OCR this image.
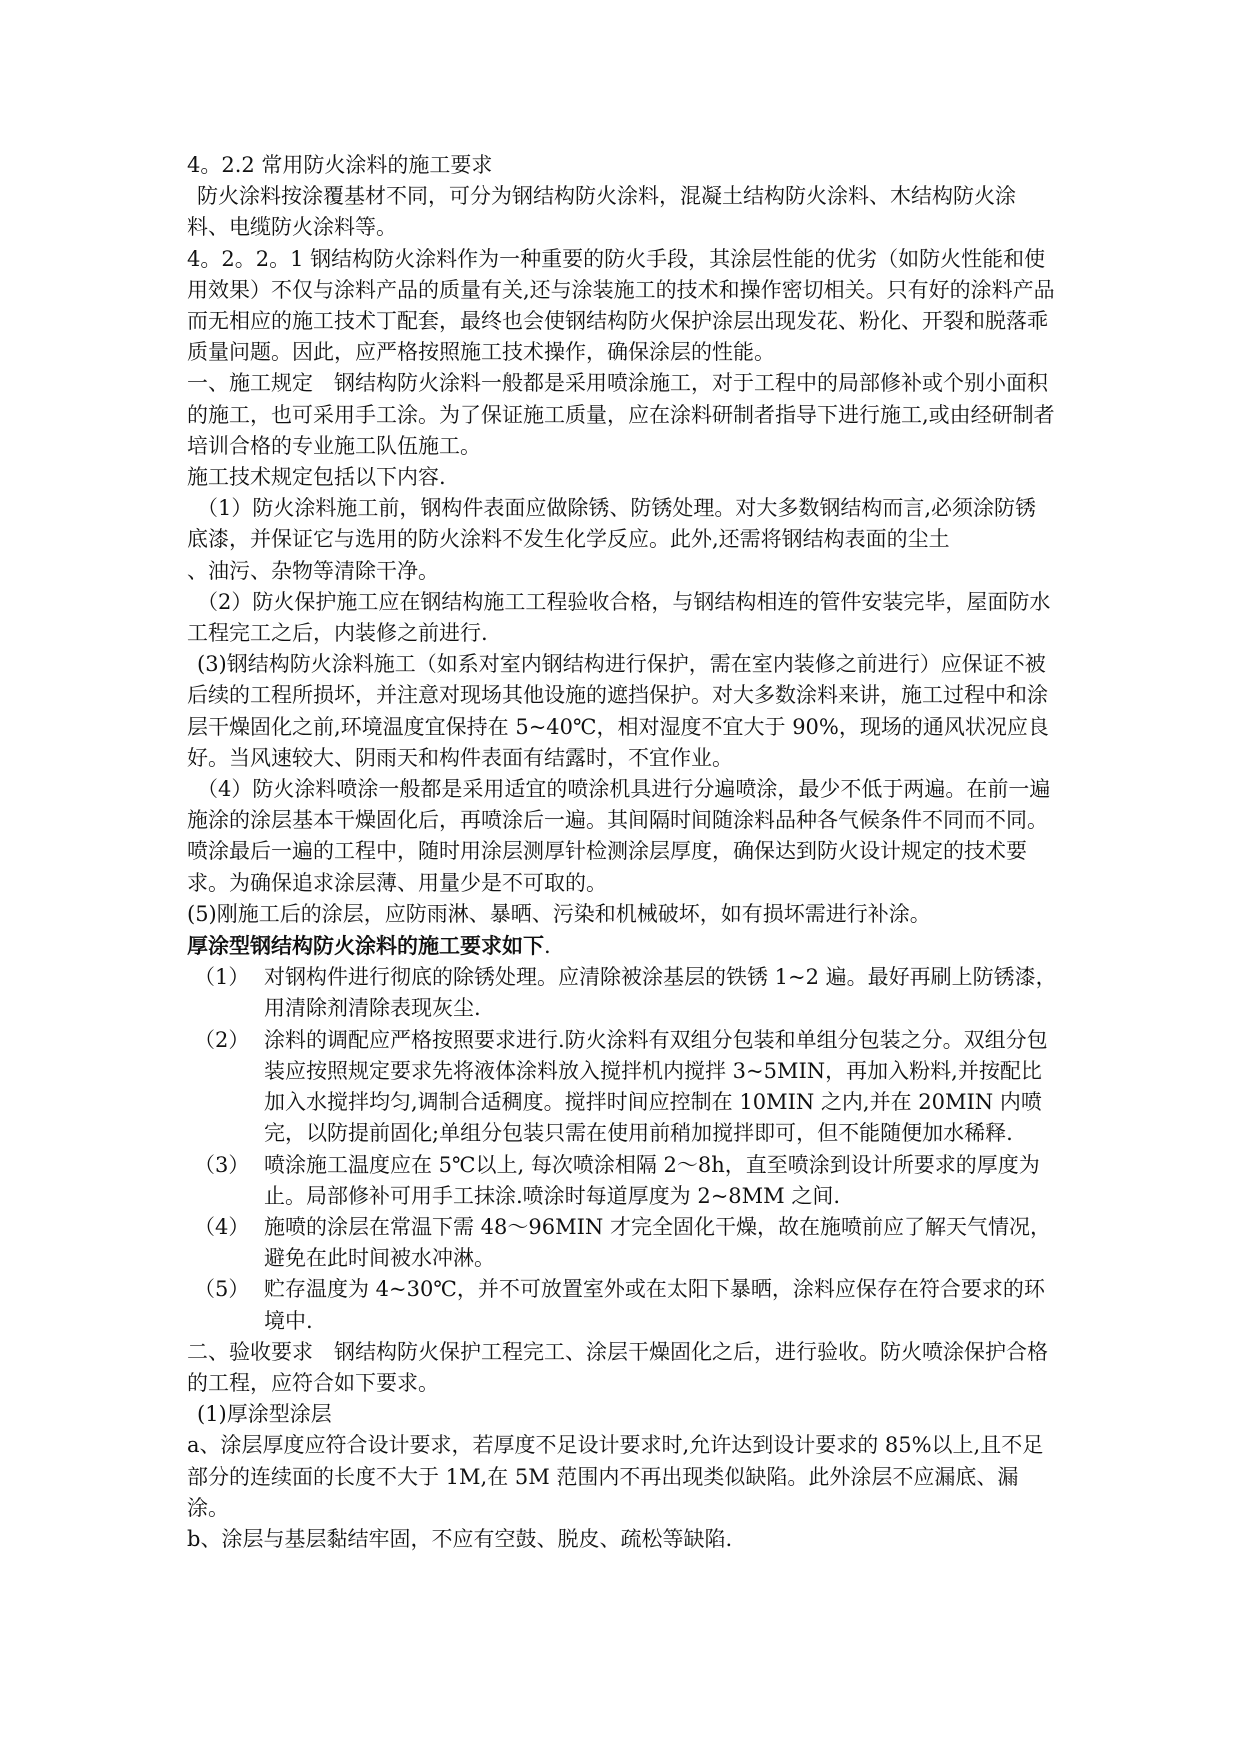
4。2.2 常用防火涂料的施工要求

防火涂料按涂覆基材不同，可分为钢结构防火涂料，混凝土结构防火涂料、木结构防火涂料、电缆防火涂料等。

4。2。2。1 钢结构防火涂料作为一种重要的防火手段，其涂层性能的优劣（如防火性能和使用效果）不仅与涂料产品的质量有关,还与涂装施工的技术和操作密切相关。只有好的涂料产品而无相应的施工技术丁配套，最终也会使钢结构防火保护涂层出现发花、粉化、开裂和脱落乖质量问题。因此，应严格按照施工技术操作，确保涂层的性能。

一、施工规定　钢结构防火涂料一般都是采用喷涂施工，对于工程中的局部修补或个别小面积的施工，也可采用手工涂。为了保证施工质量，应在涂料研制者指导下进行施工,或由经研制者培训合格的专业施工队伍施工。

施工技术规定包括以下内容.

（1）防火涂料施工前，钢构件表面应做除锈、防锈处理。对大多数钢结构而言,必须涂防锈底漆，并保证它与选用的防火涂料不发生化学反应。此外,还需将钢结构表面的尘土

、油污、杂物等清除干净。

（2）防火保护施工应在钢结构施工工程验收合格，与钢结构相连的管件安装完毕，屋面防水工程完工之后，内装修之前进行.

(3)钢结构防火涂料施工（如系对室内钢结构进行保护，需在室内装修之前进行）应保证不被后续的工程所损坏，并注意对现场其他设施的遮挡保护。对大多数涂料来讲，施工过程中和涂层干燥固化之前,环境温度宜保持在 5~40℃，相对湿度不宜大于 90%，现场的通风状况应良好。当风速较大、阴雨天和构件表面有结露时，不宜作业。

（4）防火涂料喷涂一般都是采用适宜的喷涂机具进行分遍喷涂，最少不低于两遍。在前一遍施涂的涂层基本干燥固化后，再喷涂后一遍。其间隔时间随涂料品种各气候条件不同而不同。喷涂最后一遍的工程中，随时用涂层测厚针检测涂层厚度，确保达到防火设计规定的技术要求。为确保追求涂层薄、用量少是不可取的。

(5)刚施工后的涂层，应防雨淋、暴晒、污染和机械破坏，如有损坏需进行补涂。

厚涂型钢结构防火涂料的施工要求如下.

（1） 对钢构件进行彻底的除锈处理。应清除被涂基层的铁锈 1~2 遍。最好再刷上防锈漆，用清除剂清除表现灰尘.
（2） 涂料的调配应严格按照要求进行.防火涂料有双组分包装和单组分包装之分。双组分包装应按照规定要求先将液体涂料放入搅拌机内搅拌 3~5MIN，再加入粉料,并按配比加入水搅拌均匀,调制合适稠度。搅拌时间应控制在 10MIN 之内,并在 20MIN 内喷完，以防提前固化;单组分包装只需在使用前稍加搅拌即可，但不能随便加水稀释.
（3） 喷涂施工温度应在 5℃以上, 每次喷涂相隔 2～8h，直至喷涂到设计所要求的厚度为止。局部修补可用手工抹涂.喷涂时每道厚度为 2~8MM 之间.
（4） 施喷的涂层在常温下需 48～96MIN 才完全固化干燥，故在施喷前应了解天气情况，避免在此时间被水冲淋。
（5） 贮存温度为 4~30℃，并不可放置室外或在太阳下暴晒，涂料应保存在符合要求的环境中.

二、验收要求　钢结构防火保护工程完工、涂层干燥固化之后，进行验收。防火喷涂保护合格的工程，应符合如下要求。

(1)厚涂型涂层

a、涂层厚度应符合设计要求，若厚度不足设计要求时,允许达到设计要求的 85%以上,且不足部分的连续面的长度不大于 1M,在 5M 范围内不再出现类似缺陷。此外涂层不应漏底、漏涂。

b、涂层与基层黏结牢固，不应有空鼓、脱皮、疏松等缺陷.
